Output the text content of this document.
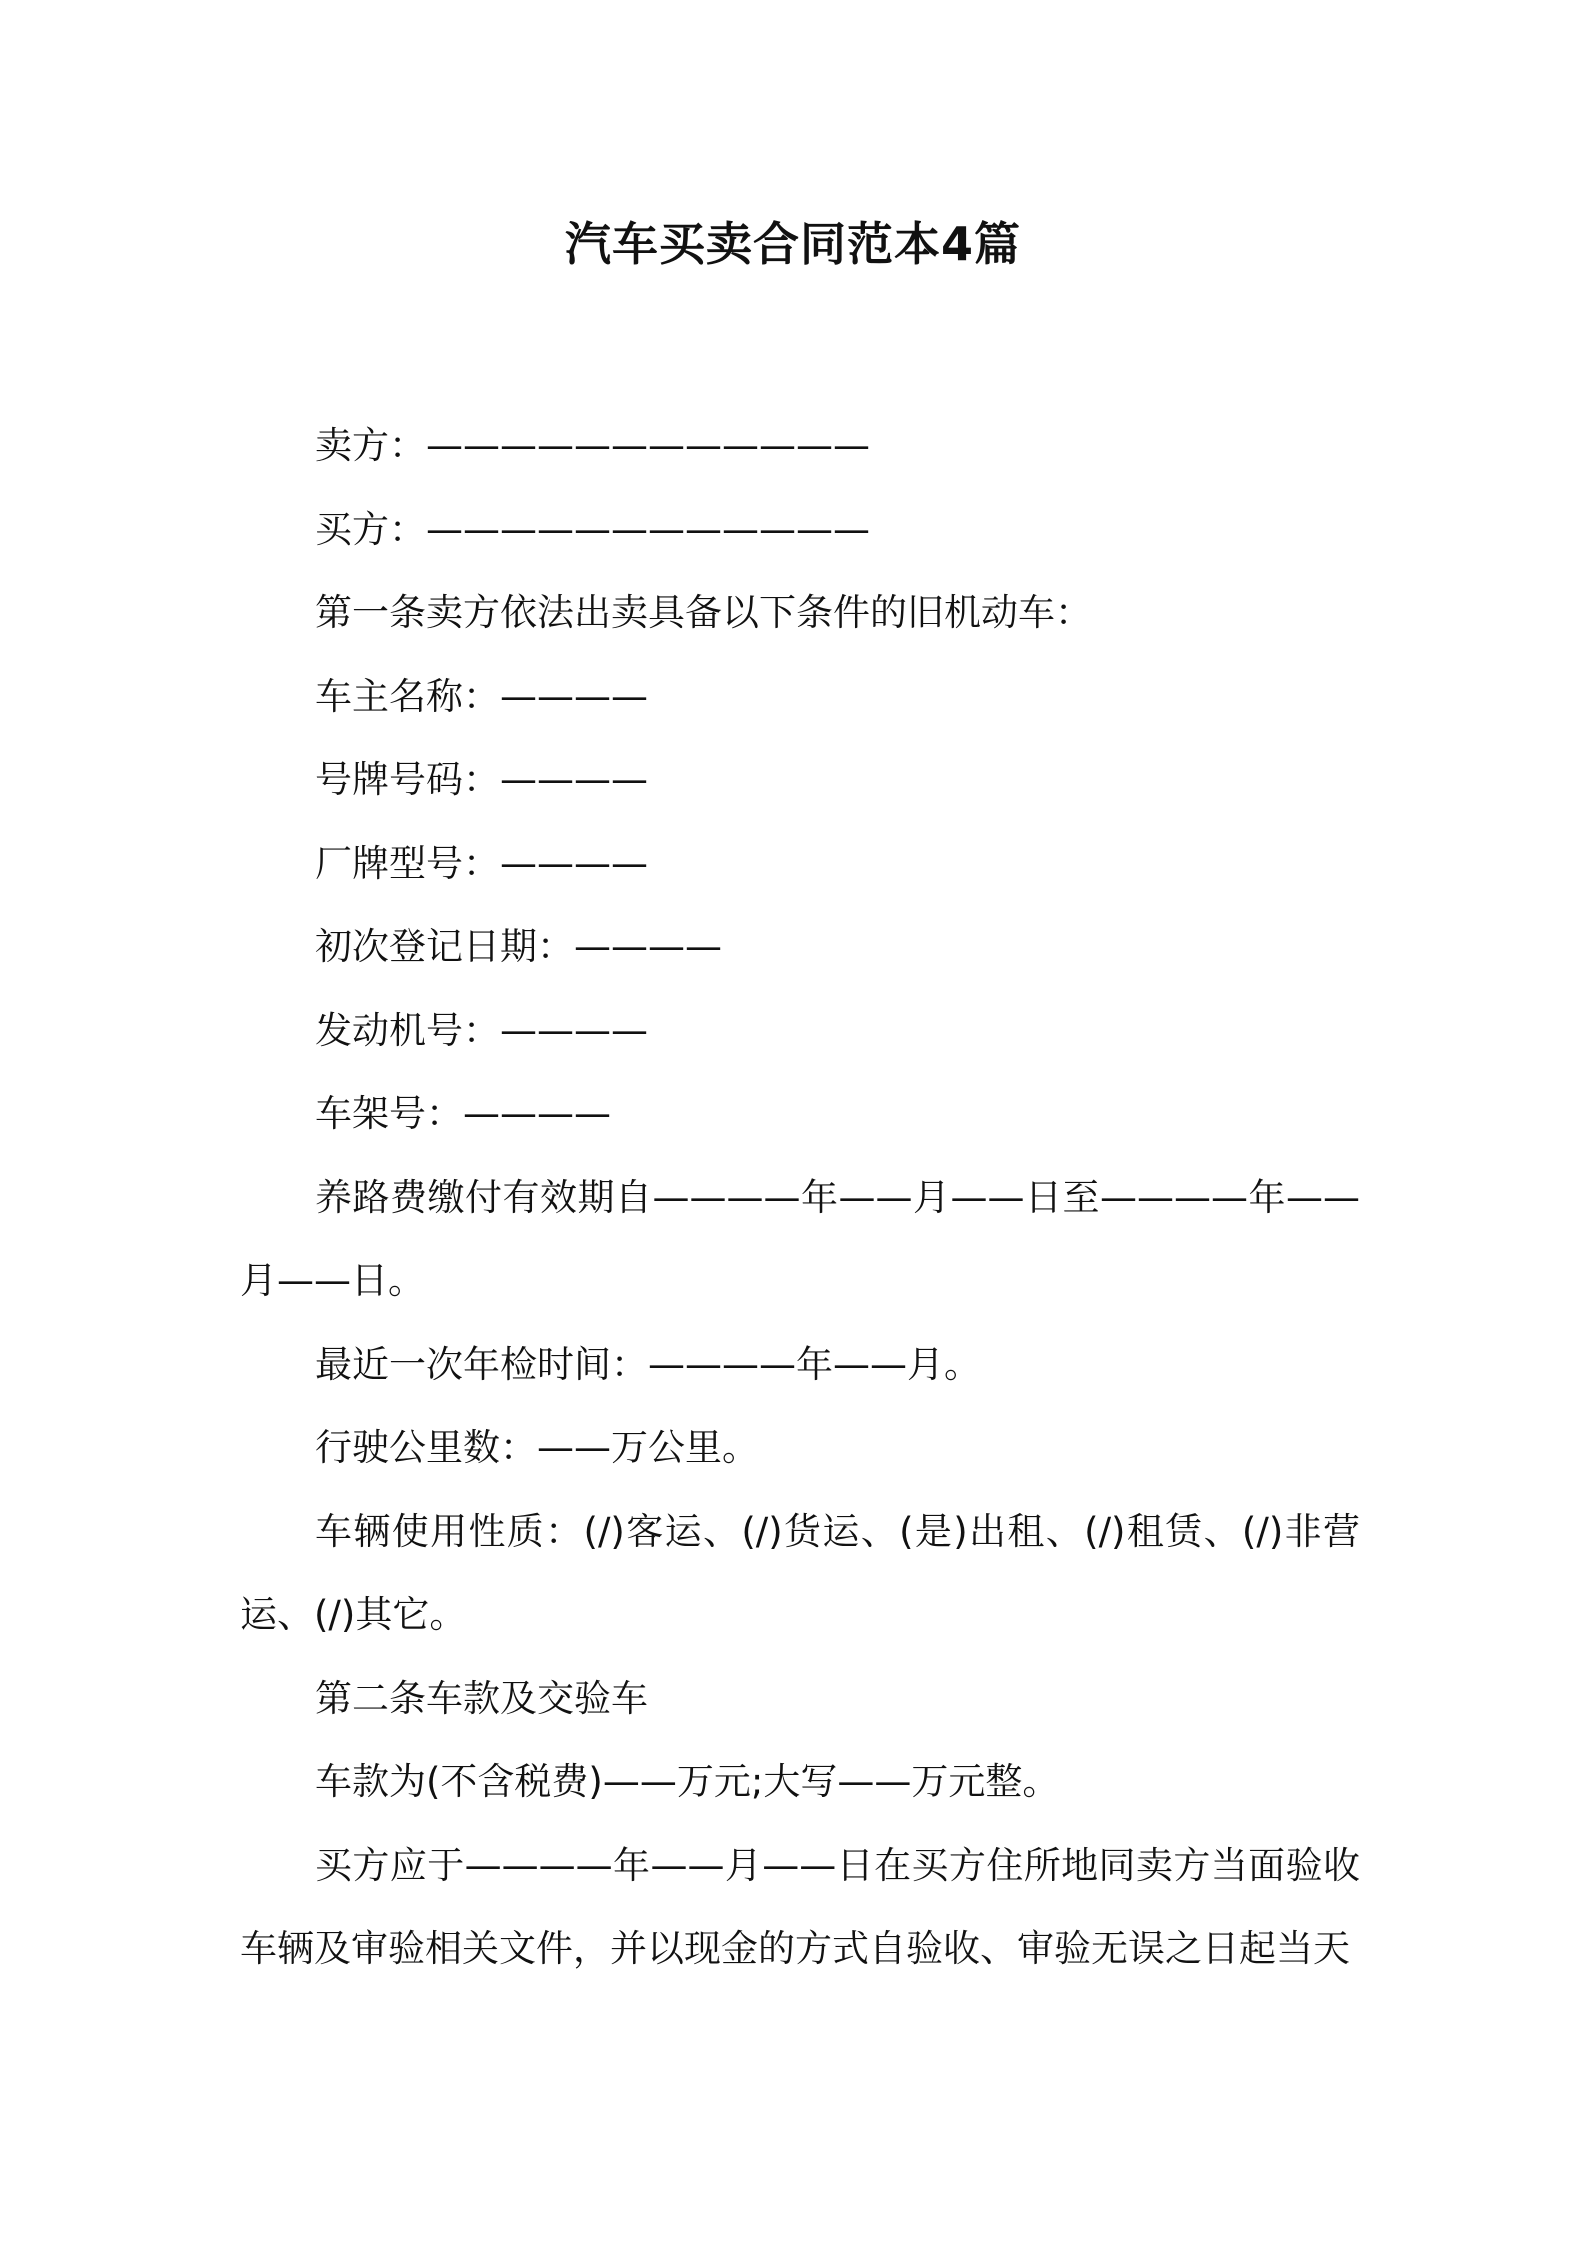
汽车买卖合同范本4篇

卖方：————————————

买方：————————————

第一条卖方依法出卖具备以下条件的旧机动车：

车主名称：————

号牌号码：————

厂牌型号：————

初次登记日期：————

发动机号：————

车架号：————

养路费缴付有效期自————年——月——日至————年——月——日。

最近一次年检时间：————年——月。

行驶公里数：——万公里。

车辆使用性质：(/)客运、(/)货运、(是)出租、(/)租赁、(/)非营运、(/)其它。

第二条车款及交验车

车款为(不含税费)——万元;大写——万元整。

买方应于————年——月——日在买方住所地同卖方当面验收车辆及审验相关文件，并以现金的方式自验收、审验无误之日起当天
